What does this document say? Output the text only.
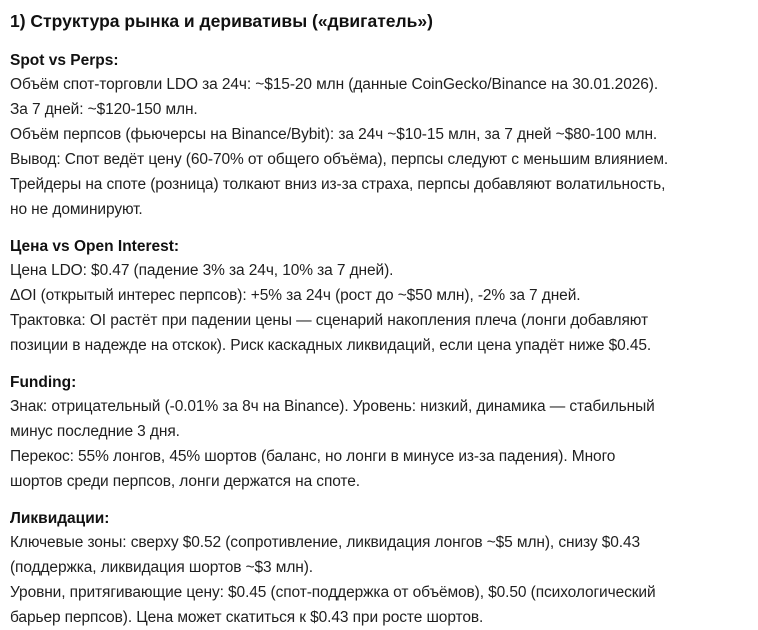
1) Структура рынка и деривативы («двигатель»)

Spot vs Perps:

Объём спот-торговли LDO за 24ч: ~$15-20 млн (данные CoinGecko/Binance на 30.01.2026).

За 7 дней: ~$120-150 млн.

Объём перпсов (фьючерсы на Binance/Bybit): за 24ч ~$10-15 млн, за 7 дней ~$80-100 млн.

Вывод: Спот ведёт цену (60-70% от общего объёма), перпсы следуют с меньшим влиянием.

Трейдеры на споте (розница) толкают вниз из-за страха, перпсы добавляют волатильность,

но не доминируют.

Цена vs Open Interest:

Цена LDO: $0.47 (падение 3% за 24ч, 10% за 7 дней).

ΔOI (открытый интерес перпсов): +5% за 24ч (рост до ~$50 млн), -2% за 7 дней.

Трактовка: OI растёт при падении цены — сценарий накопления плеча (лонги добавляют

позиции в надежде на отскок). Риск каскадных ликвидаций, если цена упадёт ниже $0.45.

Funding:

Знак: отрицательный (-0.01% за 8ч на Binance). Уровень: низкий, динамика — стабильный

минус последние 3 дня.

Перекос: 55% лонгов, 45% шортов (баланс, но лонги в минусе из-за падения). Много

шортов среди перпсов, лонги держатся на споте.

Ликвидации:

Ключевые зоны: сверху $0.52 (сопротивление, ликвидация лонгов ~$5 млн), снизу $0.43

(поддержка, ликвидация шортов ~$3 млн).

Уровни, притягивающие цену: $0.45 (спот-поддержка от объёмов), $0.50 (психологический

барьер перпсов). Цена может скатиться к $0.43 при росте шортов.
